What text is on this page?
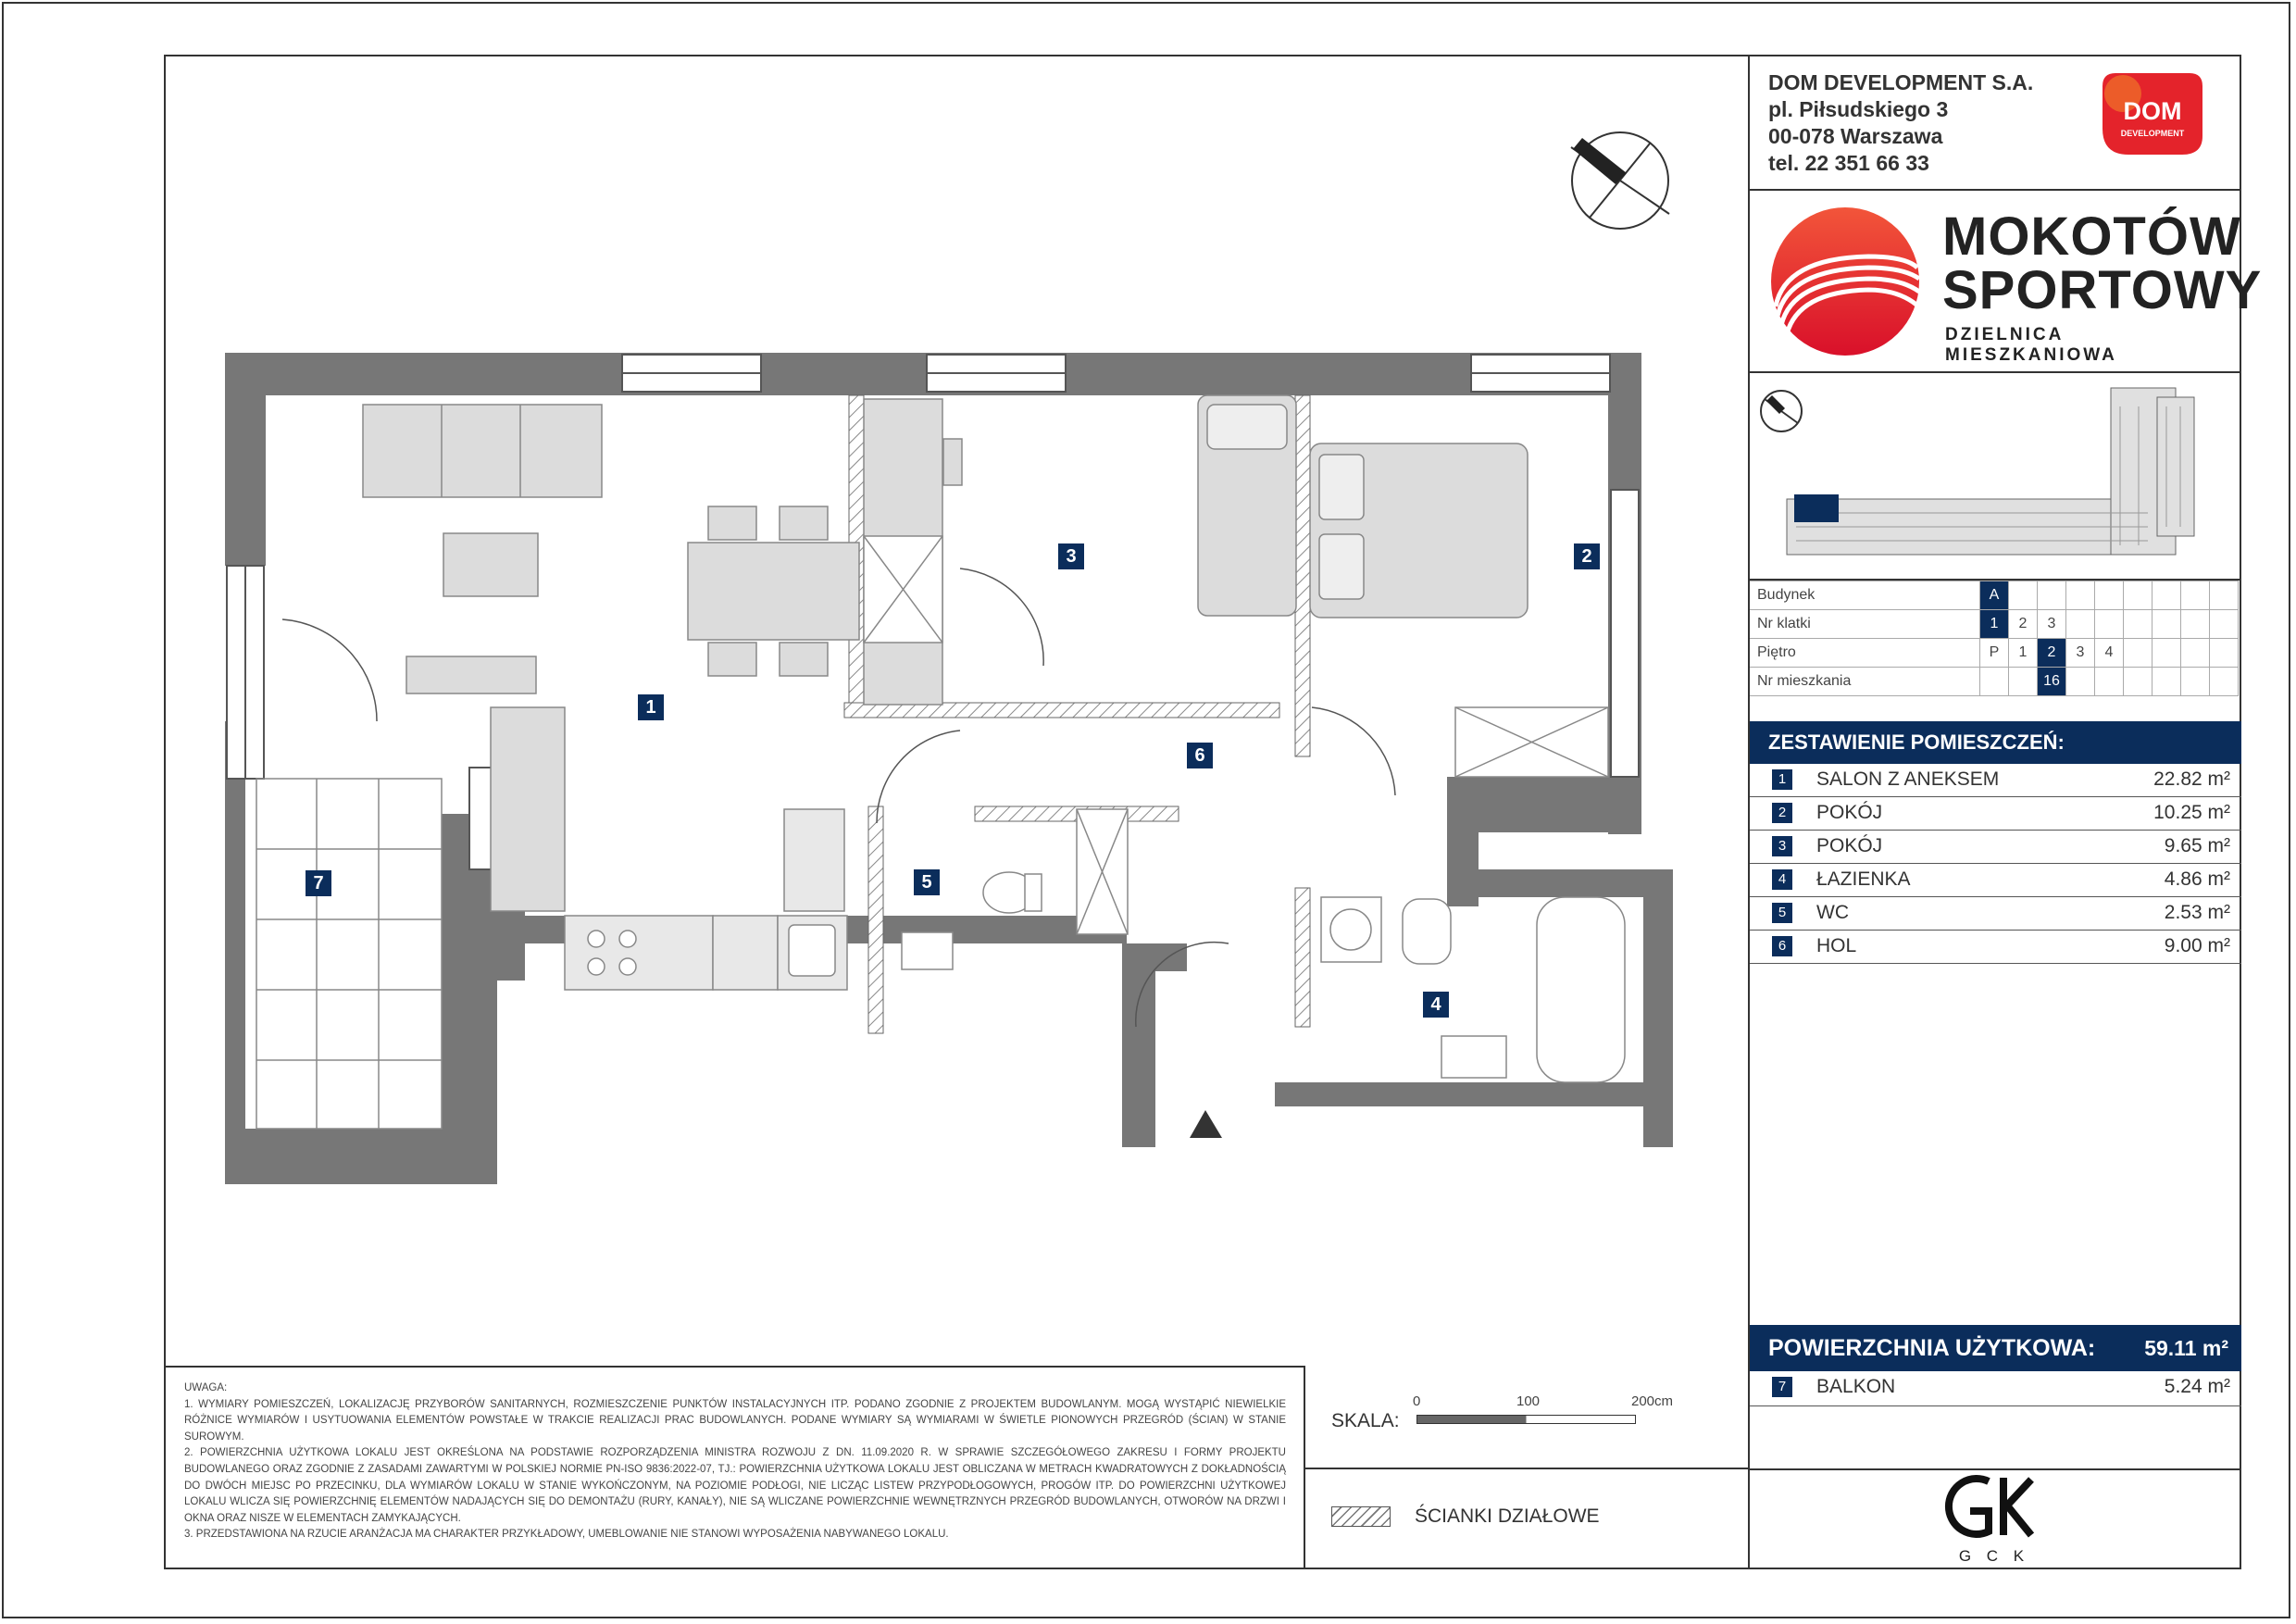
1
2
3
4
5
6
7
DOM DEVELOPMENT S.A.
pl. Piłsudskiego 3
00-078 Warszawa
tel. 22 351 66 33
DOM
DEVELOPMENT
MOKOTÓW
SPORTOWY
DZIELNICA MIESZKANIOWA
Budynek	A								
Nr klatki	1	2	3						
Piętro	P	1	2	3	4				
Nr mieszkania			16						
ZESTAWIENIE POMIESZCZEŃ:
1	SALON Z ANEKSEM	22.82 m²
2	POKÓJ	10.25 m²
3	POKÓJ	9.65 m²
4	ŁAZIENKA	4.86 m²
5	WC	2.53 m²
6	HOL	9.00 m²
POWIERZCHNIA UŻYTKOWA: 59.11 m²
7	BALKON	5.24 m²
G C K

UWAGA:

1. WYMIARY POMIESZCZEŃ, LOKALIZACJĘ PRZYBORÓW SANITARNYCH, ROZMIESZCZENIE PUNKTÓW INSTALACYJNYCH ITP. PODANO ZGODNIE Z PROJEKTEM BUDOWLANYM. MOGĄ WYSTĄPIĆ NIEWIELKIE RÓŻNICE WYMIARÓW I USYTUOWANIA ELEMENTÓW POWSTAŁE W TRAKCIE REALIZACJI PRAC BUDOWLANYCH. PODANE WYMIARY SĄ WYMIARAMI W ŚWIETLE PIONOWYCH PRZEGRÓD (ŚCIAN) W STANIE SUROWYM.

2. POWIERZCHNIA UŻYTKOWA LOKALU JEST OKREŚLONA NA PODSTAWIE ROZPORZĄDZENIA MINISTRA ROZWOJU Z DN. 11.09.2020 R. W SPRAWIE SZCZEGÓŁOWEGO ZAKRESU I FORMY PROJEKTU BUDOWLANEGO ORAZ ZGODNIE Z ZASADAMI ZAWARTYMI W POLSKIEJ NORMIE PN-ISO 9836:2022-07, TJ.: POWIERZCHNIA UŻYTKOWA LOKALU JEST OBLICZANA W METRACH KWADRATOWYCH Z DOKŁADNOŚCIĄ DO DWÓCH MIEJSC PO PRZECINKU, DLA WYMIARÓW LOKALU W STANIE WYKOŃCZONYM, NA POZIOMIE PODŁOGI, NIE LICZĄC LISTEW PRZYPODŁOGOWYCH, PROGÓW ITP. DO POWIERZCHNI UŻYTKOWEJ LOKALU WLICZA SIĘ POWIERZCHNIĘ ELEMENTÓW NADAJĄCYCH SIĘ DO DEMONTAŻU (RURY, KANAŁY), NIE SĄ WLICZANE POWIERZCHNIE WEWNĘTRZNYCH PRZEGRÓD BUDOWLANYCH, OTWORÓW NA DRZWI I OKNA ORAZ NISZE W ELEMENTACH ZAMYKAJĄCYCH.

3. PRZEDSTAWIONA NA RZUCIE ARANŻACJA MA CHARAKTER PRZYKŁADOWY, UMEBLOWANIE NIE STANOWI WYPOSAŻENIA NABYWANEGO LOKALU.

SKALA:
0	100	200cm
ŚCIANKI DZIAŁOWE
